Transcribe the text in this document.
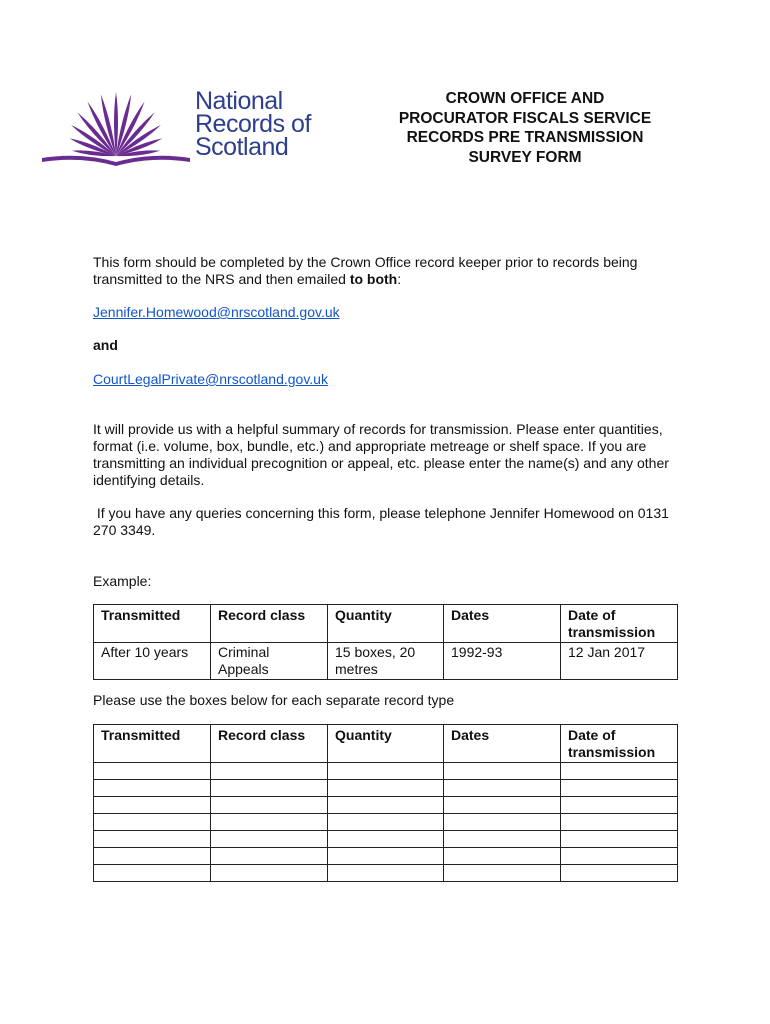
National
Records of
Scotland
CROWN OFFICE AND
PROCURATOR FISCALS SERVICE
RECORDS PRE TRANSMISSION
SURVEY FORM
This form should be completed by the Crown Office record keeper prior to records being transmitted to the NRS and then emailed to both:
Jennifer.Homewood@nrscotland.gov.uk
and
CourtLegalPrivate@nrscotland.gov.uk
It will provide us with a helpful summary of records for transmission. Please enter quantities, format (i.e. volume, box, bundle, etc.) and appropriate metreage or shelf space. If you are transmitting an individual precognition or appeal, etc. please enter the name(s) and any other identifying details.
If you have any queries concerning this form, please telephone Jennifer Homewood on 0131 270 3349.
Example:
Transmitted	Record class	Quantity	Dates	Date of transmission
After 10 years	Criminal Appeals	15 boxes, 20 metres	1992-93	12 Jan 2017
Please use the boxes below for each separate record type
Transmitted	Record class	Quantity	Dates	Date of transmission
